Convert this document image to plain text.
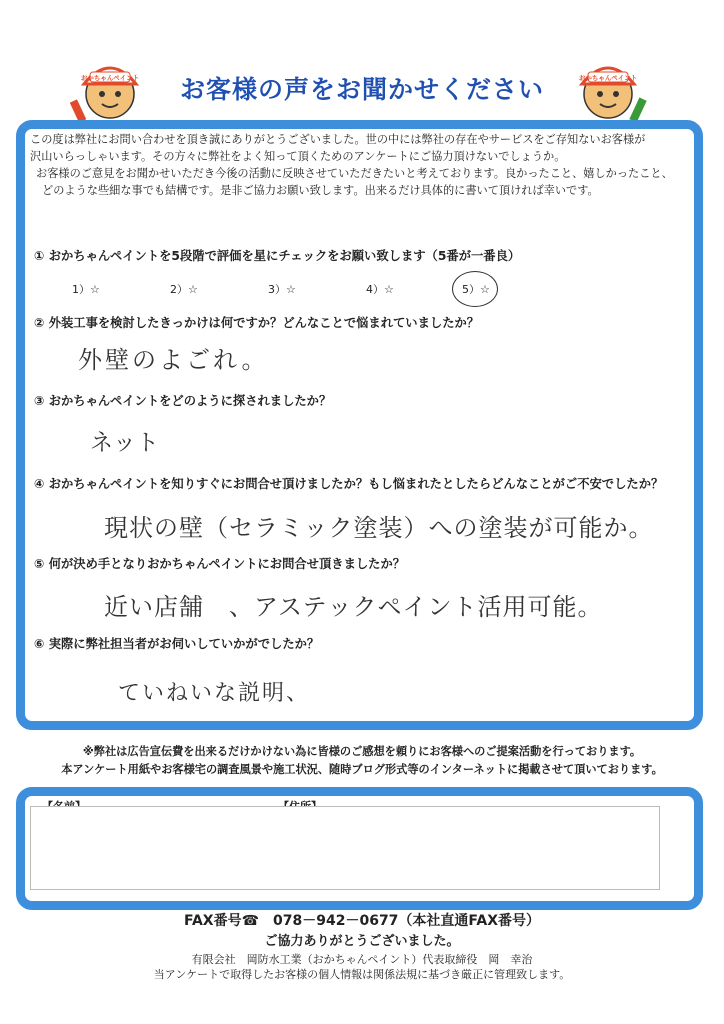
おかちゃんペイント	おかちゃんペイント
お客様の声をお聞かせください

この度は弊社にお問い合わせを頂き誠にありがとうございました。世の中には弊社の存在やサービスをご存知ないお客様が

沢山いらっしゃいます。その方々に弊社をよく知って頂くためのアンケートにご協力頂けないでしょうか。

お客様のご意見をお聞かせいただき今後の活動に反映させていただきたいと考えております。良かったこと、嬉しかったこと、

どのような些細な事でも結構です。是非ご協力お願い致します。出来るだけ具体的に書いて頂ければ幸いです。

① おかちゃんペイントを5段階で評価を星にチェックをお願い致します（5番が一番良）
1）☆	2）☆	3）☆	4）☆	5）☆
② 外装工事を検討したきっかけは何ですか？どんなことで悩まれていましたか？
外壁のよごれ。
③ おかちゃんペイントをどのように探されましたか？
ネット
④ おかちゃんペイントを知りすぐにお問合せ頂けましたか？もし悩まれたとしたらどんなことがご不安でしたか？
現状の壁（セラミック塗装）への塗装が可能か。
⑤ 何が決め手となりおかちゃんペイントにお問合せ頂きましたか？
近い店舗　、アステックペイント活用可能。
⑥ 実際に弊社担当者がお伺いしていかがでしたか？
ていねいな説明、
※弊社は広告宣伝費を出来るだけかけない為に皆様のご感想を頼りにお客様へのご提案活動を行っております。
本アンケート用紙やお客様宅の調査風景や施工状況、随時ブログ形式等のインターネットに掲載させて頂いております。
FAX番号☎　078－942－0677（本社直通FAX番号）
ご協力ありがとうございました。
有限会社　岡防水工業（おかちゃんペイント）代表取締役　岡　幸治
当アンケートで取得したお客様の個人情報は関係法規に基づき厳正に管理致します。
